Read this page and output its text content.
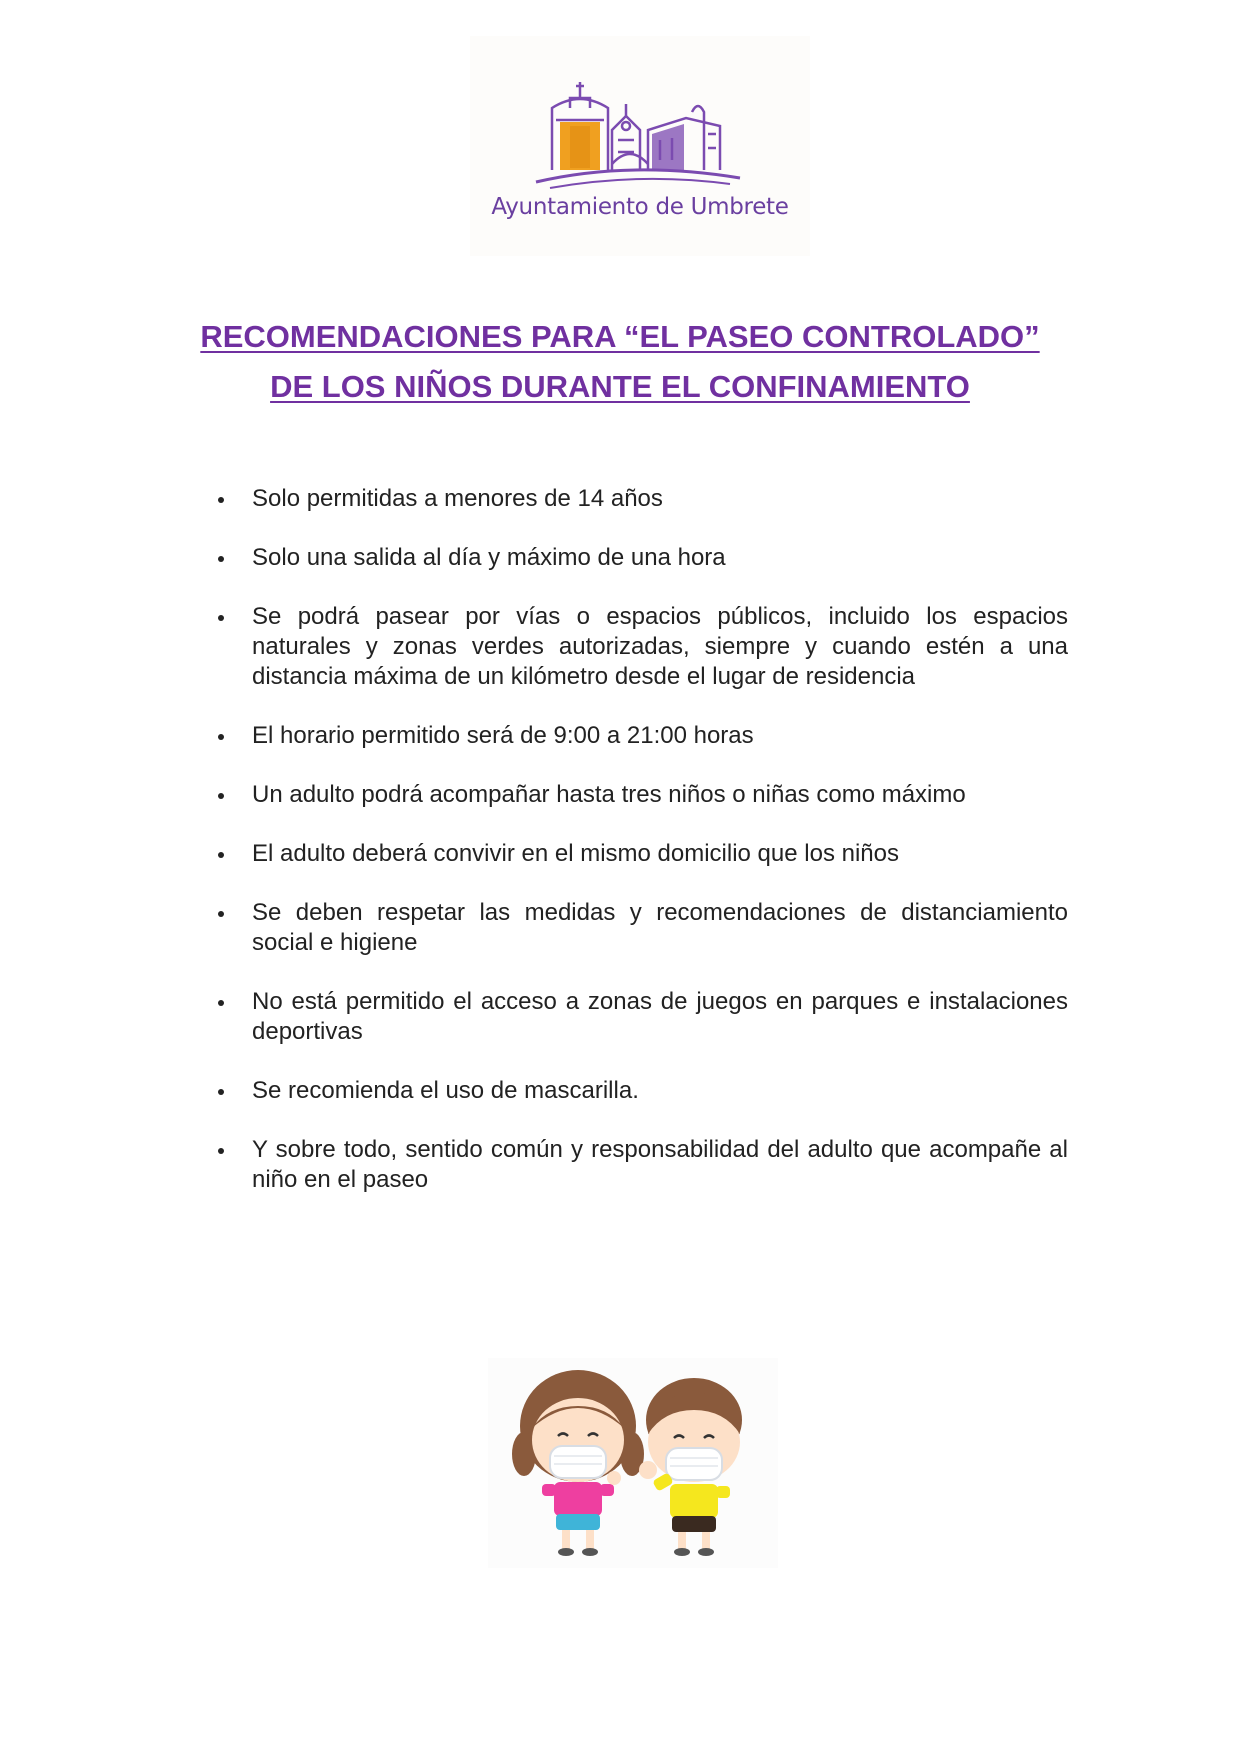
Ayuntamiento de Umbrete
RECOMENDACIONES PARA “EL PASEO CONTROLADO”
DE LOS NIÑOS DURANTE EL CONFINAMIENTO
Solo permitidas a menores de 14 años
Solo una salida al día y máximo de una hora
Se podrá pasear por vías o espacios públicos, incluido los espacios naturales y zonas verdes autorizadas, siempre y cuando estén a una distancia máxima de un kilómetro desde el lugar de residencia
El horario permitido será de 9:00 a 21:00 horas
Un adulto podrá acompañar hasta tres niños o niñas como máximo
El adulto deberá convivir en el mismo domicilio que los niños
Se deben respetar las medidas y recomendaciones de distanciamiento social e higiene
No está permitido el acceso a zonas de juegos en parques e instalaciones deportivas
Se recomienda el uso de mascarilla.
Y sobre todo, sentido común y responsabilidad del adulto que acompañe al niño en el paseo
